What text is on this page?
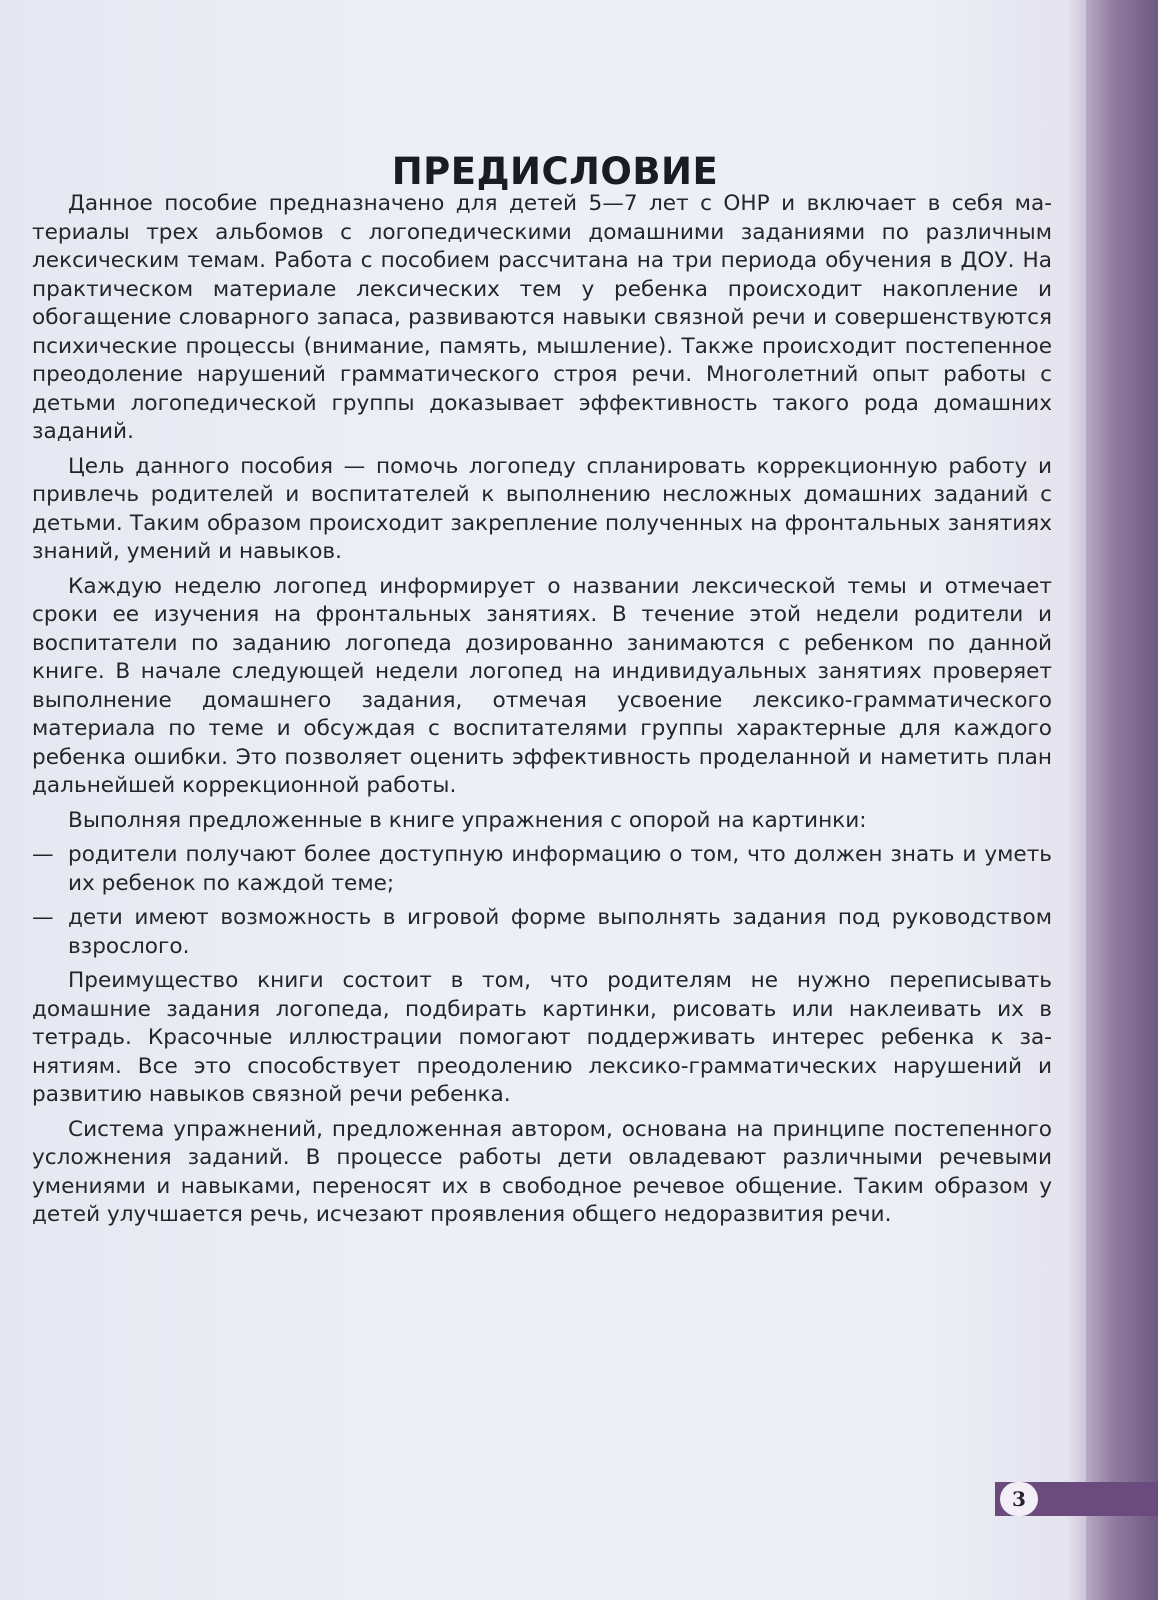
ПРЕДИСЛОВИЕ

Данное пособие предназначено для детей 5—7 лет с ОНР и включает в себя материалы трех альбомов с логопедическими домашними заданиями по различным лексическим темам. Работа с пособием рассчитана на три периода обучения в ДОУ. На практическом материале лексических тем у ребенка происходит накопление и обогащение словарного запаса, развиваются навыки связной речи и совершенствуются психические процессы (внимание, память, мышление). Также происходит постепенное преодоление нарушений грамматического строя речи. Многолетний опыт работы с детьми логопедической группы доказывает эффективность такого рода домашних заданий.

Цель данного пособия — помочь логопеду спланировать коррекционную работу и привлечь родителей и воспитателей к выполнению несложных домашних заданий с детьми. Таким образом происходит закрепление полученных на фронтальных занятиях знаний, умений и навыков.

Каждую неделю логопед информирует о названии лексической темы и отмечает сроки ее изучения на фронтальных занятиях. В течение этой недели родители и воспитатели по заданию логопеда дозированно занимаются с ребенком по данной книге. В начале следующей недели логопед на индивидуальных занятиях проверяет выполнение домашнего задания, отмечая усвоение лексико-грамматического материала по теме и обсуждая с воспитателями группы характерные для каждого ребенка ошибки. Это позволяет оценить эффективность проделанной и наметить план дальнейшей коррекционной работы.

Выполняя предложенные в книге упражнения с опорой на картинки:

— родители получают более доступную информацию о том, что должен знать и уметь их ребенок по каждой теме;
— дети имеют возможность в игровой форме выполнять задания под руководством взрослого.

Преимущество книги состоит в том, что родителям не нужно переписывать домашние задания логопеда, подбирать картинки, рисовать или наклеивать их в тетрадь. Красочные иллюстрации помогают поддерживать интерес ребенка к занятиям. Все это способствует преодолению лексико-грамматических нарушений и развитию навыков связной речи ребенка.

Система упражнений, предложенная автором, основана на принципе постепенного усложнения заданий. В процессе работы дети овладевают различными речевыми умениями и навыками, переносят их в свободное речевое общение. Таким образом у детей улучшается речь, исчезают проявления общего недоразвития речи.

3
